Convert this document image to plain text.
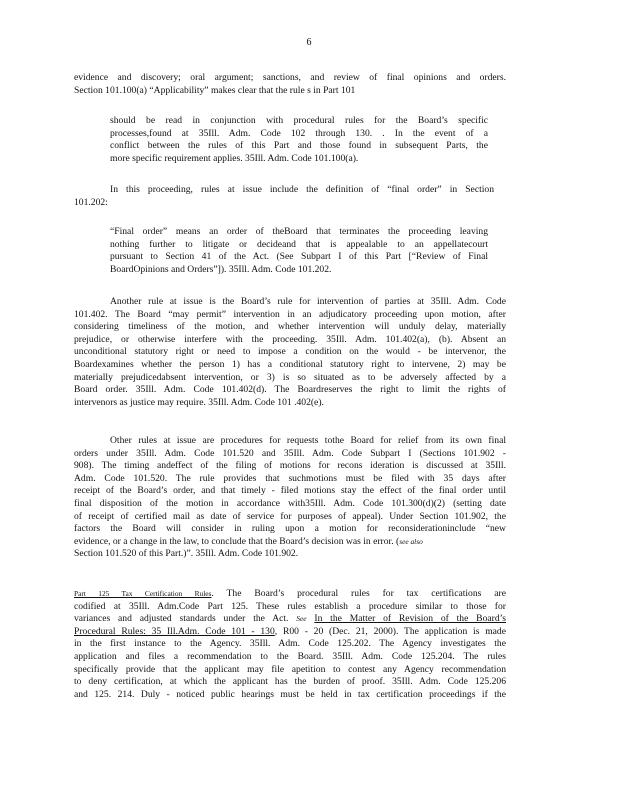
6
evidence and discovery; oral argument; sanctions, and review of final opinions and orders.
Section 101.100(a) “Applicability” makes clear that the rule s in Part 101
should be read in conjunction with procedural rules for the Board’s specific
processes,found at 35Ill. Adm. Code 102 through 130. . In the event of a
conflict between the rules of this Part and those found in subsequent Parts, the
more specific requirement applies. 35Ill. Adm. Code 101.100(a).
In this proceeding, rules at issue include the definition of “final order” in Section
101.202:
“Final order” means an order of theBoard that terminates the proceeding leaving
nothing further to litigate or decideand that is appealable to an appellatecourt
pursuant to Section 41 of the Act. (See Subpart I of this Part [“Review of Final
BoardOpinions and Orders”]). 35Ill. Adm. Code 101.202.
Another rule at issue is the Board’s rule for intervention of parties at 35Ill. Adm. Code
101.402. The Board “may permit” intervention in an adjudicatory proceeding upon motion, after
considering timeliness of the motion, and whether intervention will unduly delay, materially
prejudice, or otherwise interfere with the proceeding. 35Ill. Adm. 101.402(a), (b). Absent an
unconditional statutory right or need to impose a condition on the would - be intervenor, the
Boardexamines whether the person 1) has a conditional statutory right to intervene, 2) may be
materially prejudicedabsent intervention, or 3) is so situated as to be adversely affected by a
Board order. 35Ill. Adm. Code 101.402(d). The Boardreserves the right to limit the rights of
intervenors as justice may require. 35Ill. Adm. Code 101 .402(e).
Other rules at issue are procedures for requests tothe Board for relief from its own final
orders under 35Ill. Adm. Code 101.520 and 35Ill. Adm. Code Subpart I (Sections 101.902 -
908). The timing andeffect of the filing of motions for recons ideration is discussed at 35Ill.
Adm. Code 101.520. The rule provides that suchmotions must be filed with 35 days after
receipt of the Board’s order, and that timely - filed motions stay the effect of the final order until
final disposition of the motion in accordance with35Ill. Adm. Code 101.300(d)(2) (setting date
of receipt of certified mail as date of service for purposes of appeal). Under Section 101.902, the
factors the Board will consider in ruling upon a motion for reconsiderationinclude “new
evidence, or a change in the law, to conclude that the Board’s decision was in error. (see also
Section 101.520 of this Part.)”. 35Ill. Adm. Code 101.902.
Part 125 Tax Certification Rules. The Board’s procedural rules for tax certifications are
codified at 35Ill. Adm.Code Part 125. These rules establish a procedure similar to those for
variances and adjusted standards under the Act. See In the Matter of Revision of the Board’s
Procedural Rules: 35 Ill.Adm. Code 101 - 130, R00 - 20 (Dec. 21, 2000). The application is made
in the first instance to the Agency. 35Ill. Adm. Code 125.202. The Agency investigates the
application and files a recommendation to the Board. 35Ill. Adm. Code 125.204. The rules
specifically provide that the applicant may file apetition to contest any Agency recommendation
to deny certification, at which the applicant has the burden of proof. 35Ill. Adm. Code 125.206
and 125. 214. Duly - noticed public hearings must be held in tax certification proceedings if the
